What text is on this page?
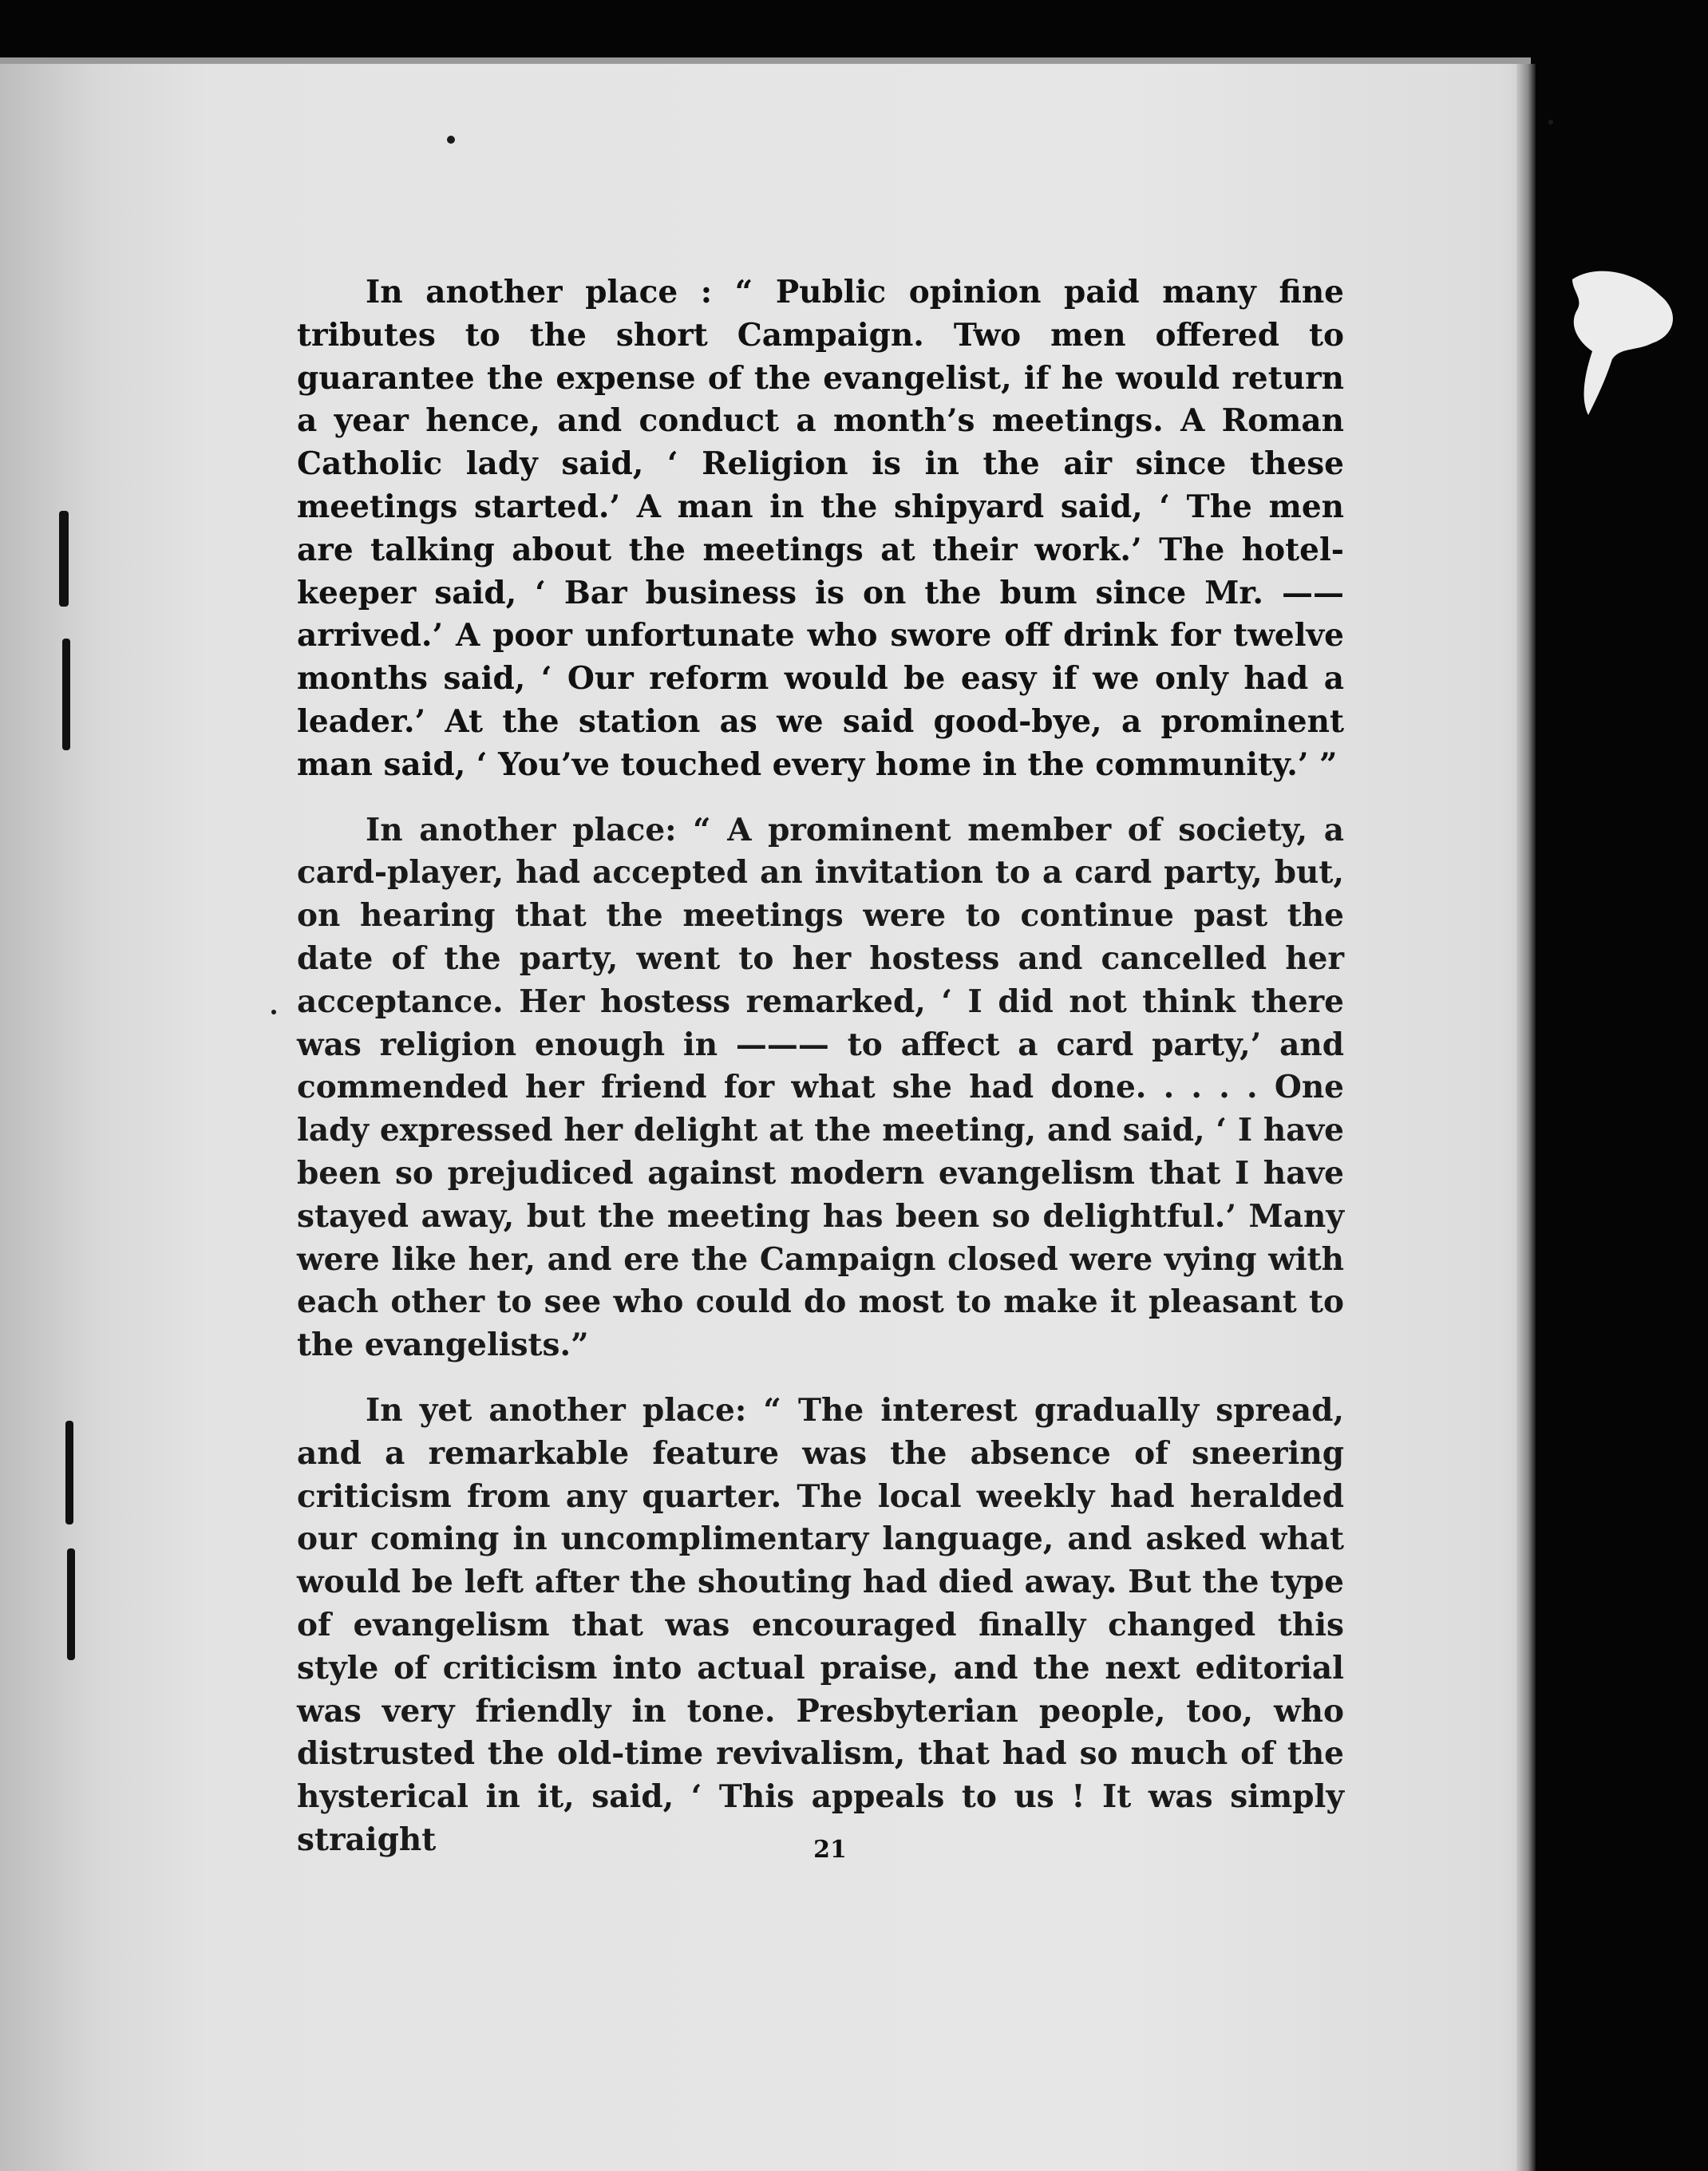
In another place : “ Public opinion paid many fine tributes to the short Campaign. Two men offered to guarantee the expense of the evangelist, if he would return a year hence, and conduct a month’s meetings. A Roman Catholic lady said, ‘ Religion is in the air since these meetings started.’ A man in the shipyard said, ‘ The men are talking about the meetings at their work.’ The hotel-keeper said, ‘ Bar business is on the bum since Mr. —— arrived.’ A poor unfortunate who swore off drink for twelve months said, ‘ Our reform would be easy if we only had a leader.’ At the station as we said good-bye, a prominent man said, ‘ You’ve touched every home in the community.’ ”

In another place: “ A prominent member of society, a card-player, had accepted an invitation to a card party, but, on hearing that the meetings were to continue past the date of the party, went to her hostess and cancelled her acceptance. Her hostess remarked, ‘ I did not think there was religion enough in ——— to affect a card party,’ and commended her friend for what she had done. . . . . One lady expressed her delight at the meeting, and said, ‘ I have been so prejudiced against modern evangelism that I have stayed away, but the meeting has been so delightful.’ Many were like her, and ere the Campaign closed were vying with each other to see who could do most to make it pleasant to the evangelists.”

In yet another place: “ The interest gradually spread, and a remarkable feature was the absence of sneering criticism from any quarter. The local weekly had heralded our coming in uncomplimentary language, and asked what would be left after the shouting had died away. But the type of evangelism that was encouraged finally changed this style of criticism into actual praise, and the next editorial was very friendly in tone. Presbyterian people, too, who distrusted the old-time revivalism, that had so much of the hysterical in it, said, ‘ This appeals to us ! It was simply straight	21
